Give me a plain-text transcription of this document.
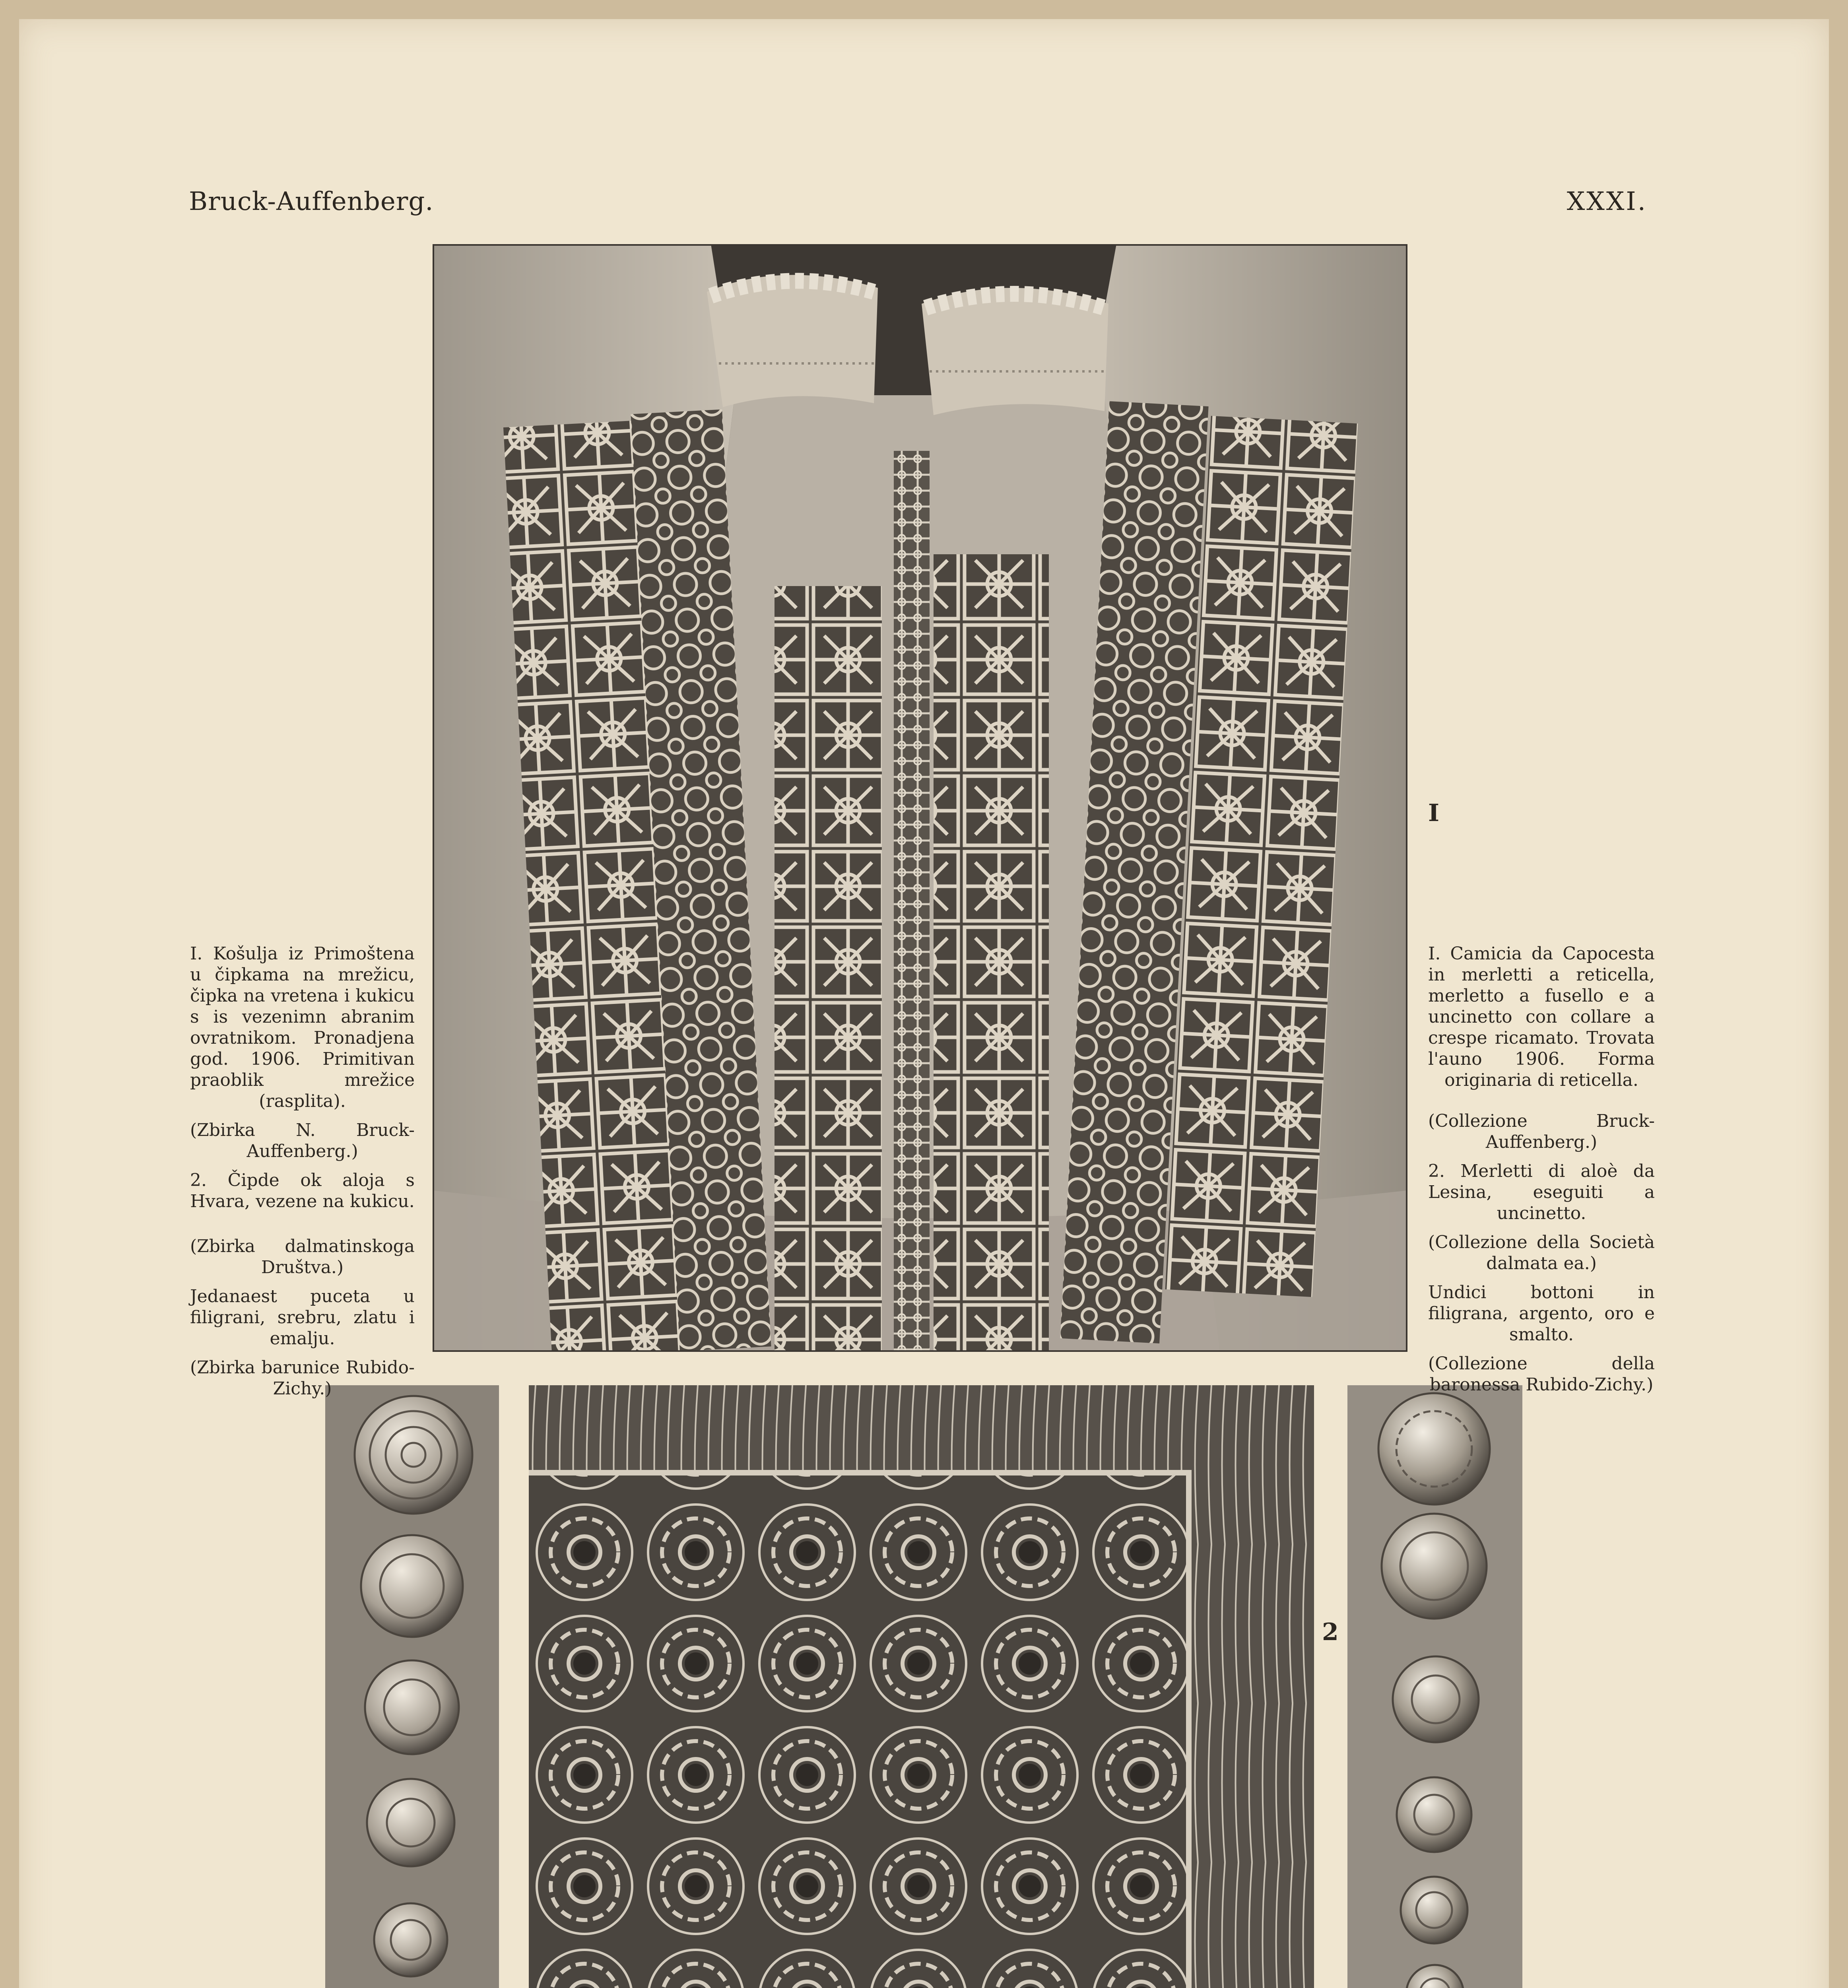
Bruck-Auffenberg.	XXXI.
I
2

I. Košulja iz Primoštena u čipkama na mrežicu, čipka na vretena i kukicu s is vezenimn abranim ovratnikom. Pronadjena god. 1906. Primitivan praoblik mrežice (rasplita).

(Zbirka N. Bruck-Auffenberg.)

2. Čipde ok aloja s Hvara, vezene na kukicu.

(Zbirka dalmatinskoga Društva.)

Jedanaest puceta u filigrani, srebru, zlatu i emalju.

(Zbirka barunice Rubido-Zichy.)

I. Camicia da Capocesta in merletti a reticella, merletto a fusello e a uncinetto con collare a crespe ricamato. Trovata l'auno 1906. Forma originaria di reticella.

(Collezione Bruck-Auffenberg.)

2. Merletti di aloè da Lesina, eseguiti a uncinetto.

(Collezione della Società dalmata ea.)

Undici bottoni in filigrana, argento, oro e smalto.

(Collezione della baronessa Rubido-Zichy.)
